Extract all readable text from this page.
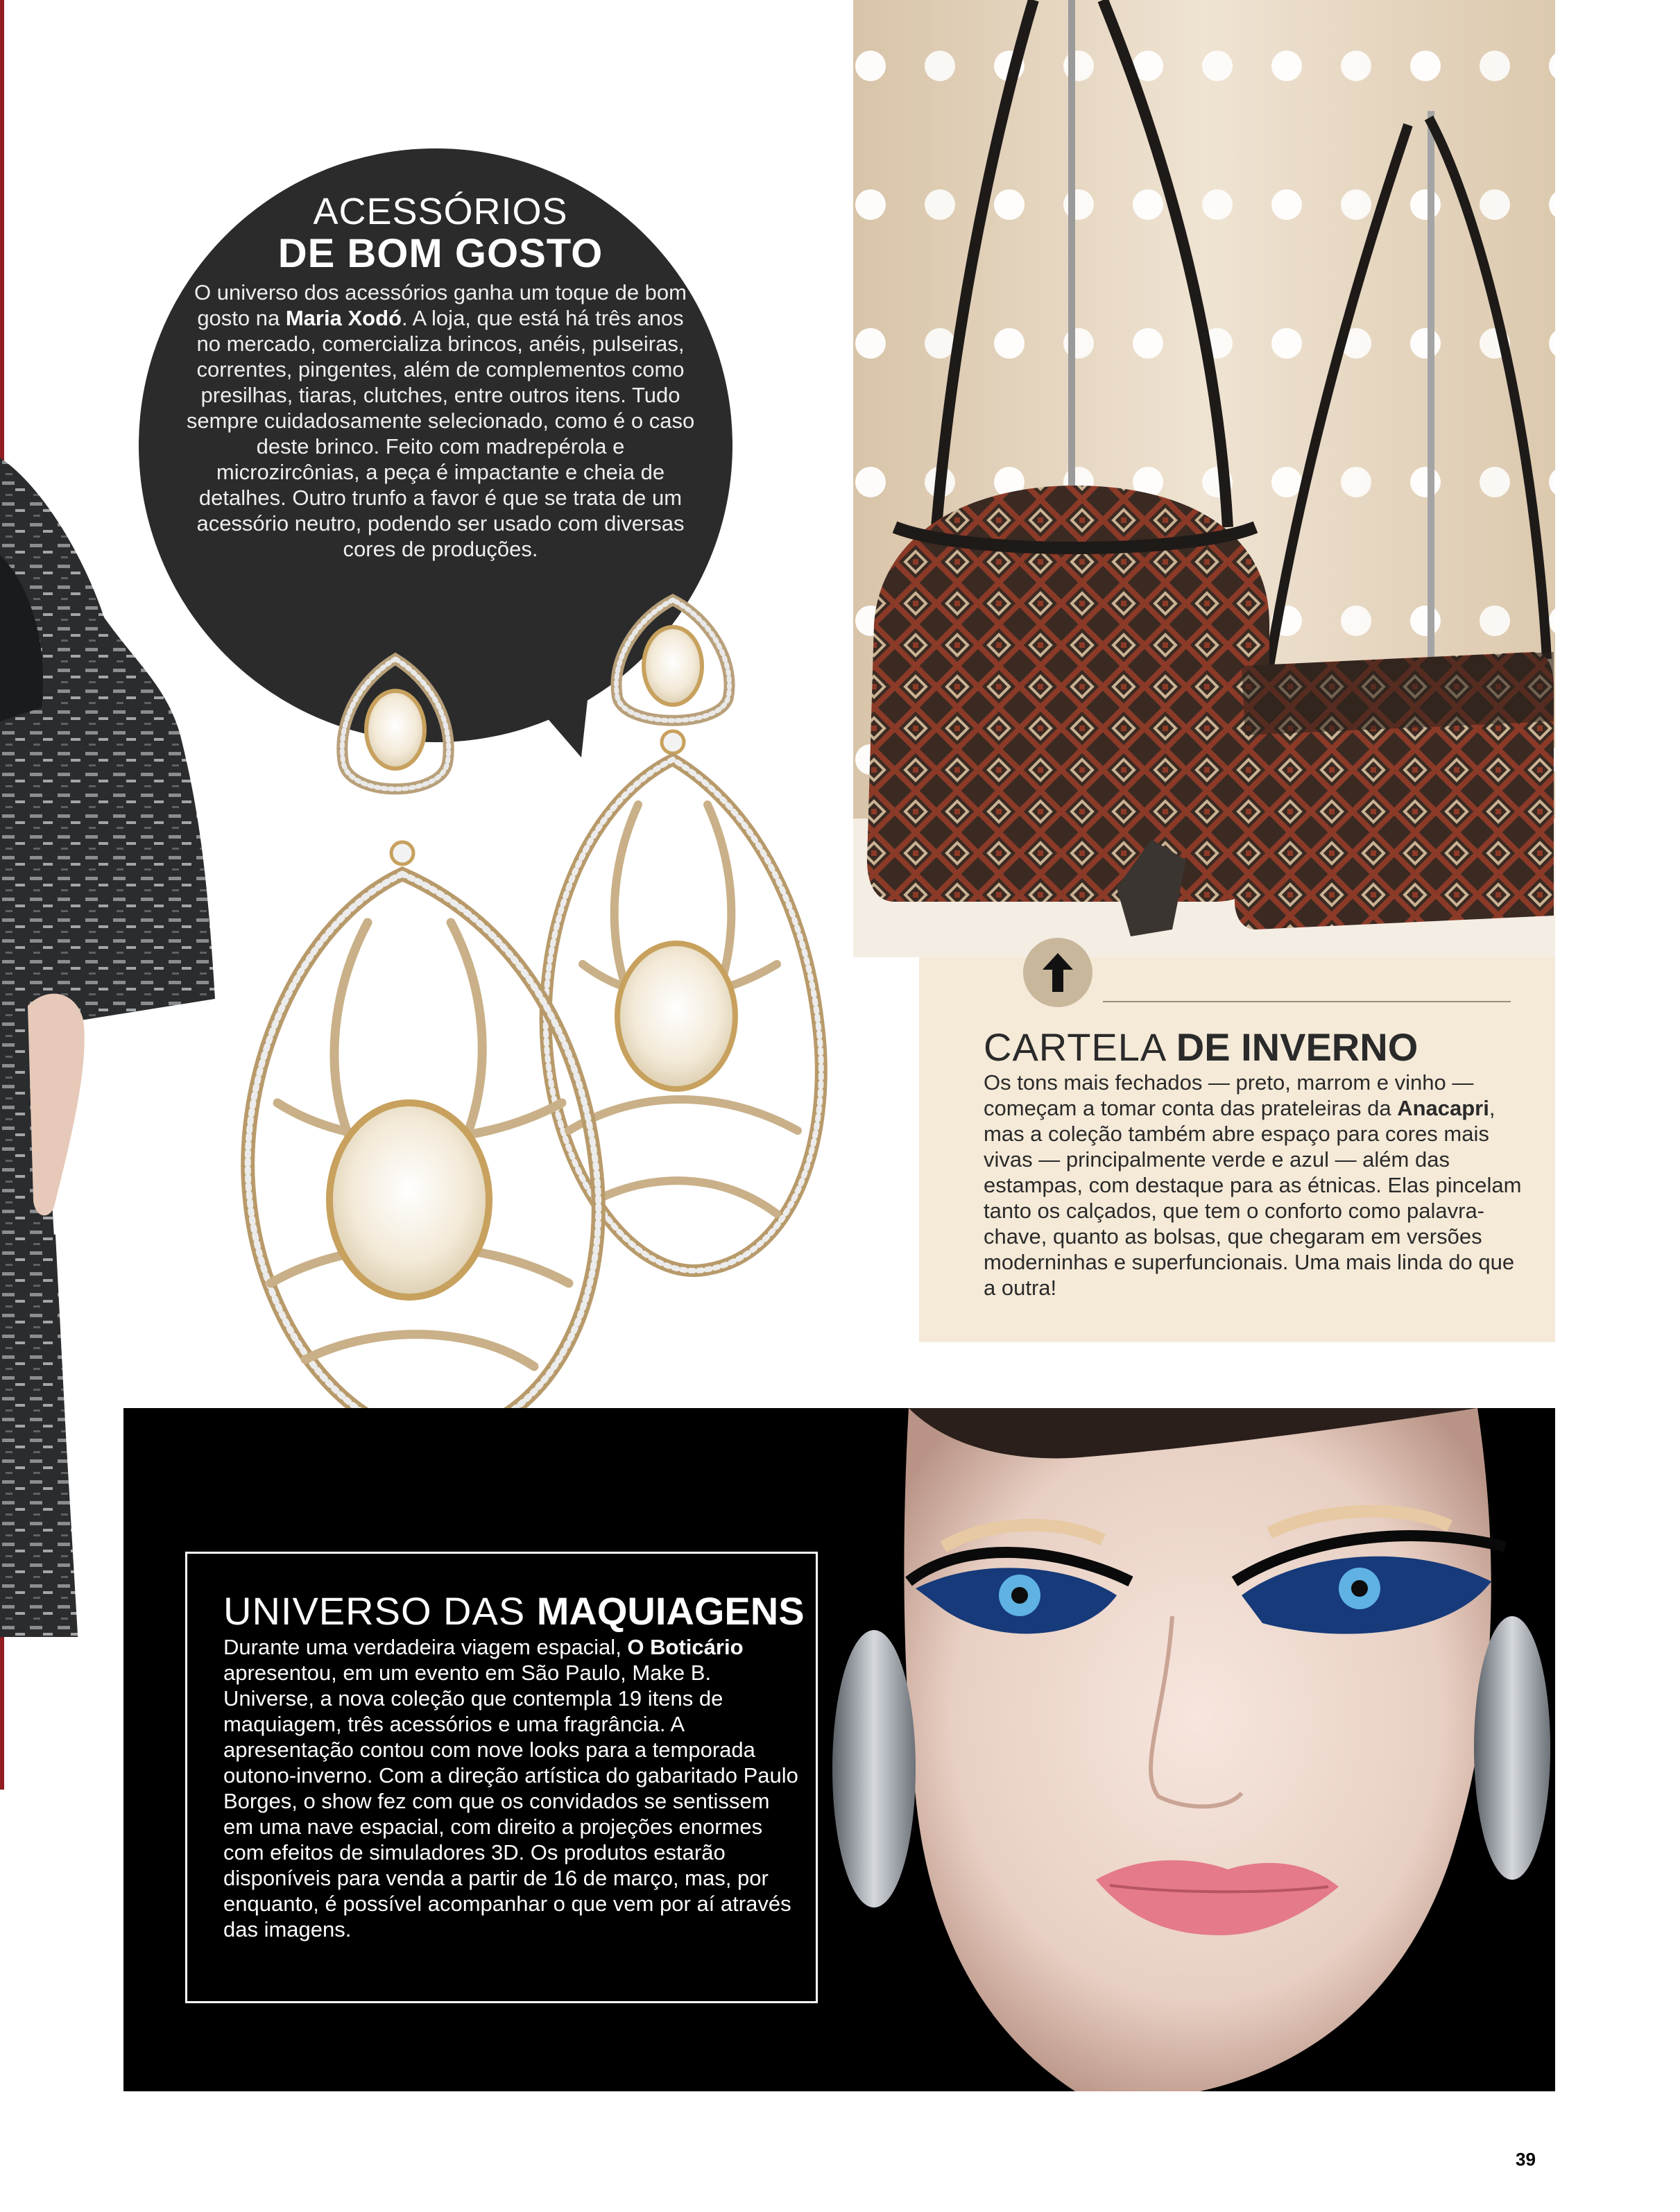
ACESSÓRIOS
DE BOM GOSTO
O universo dos acessórios ganha um toque de bom gosto na Maria Xodó. A loja, que está há três anos no mercado, comercializa brincos, anéis, pulseiras, correntes, pingentes, além de complementos como presilhas, tiaras, clutches, entre outros itens. Tudo sempre cuidadosamente selecionado, como é o caso deste brinco. Feito com madrepérola e microzircônias, a peça é impactante e cheia de detalhes. Outro trunfo a favor é que se trata de um acessório neutro, podendo ser usado com diversas cores de produções.
CARTELA DE INVERNO
Os tons mais fechados — preto, marrom e vinho — começam a tomar conta das prateleiras da Anacapri, mas a coleção também abre espaço para cores mais vivas — principalmente verde e azul — além das estampas, com destaque para as étnicas. Elas pincelam tanto os calçados, que tem o conforto como palavra-chave, quanto as bolsas, que chegaram em versões moderninhas e superfuncionais. Uma mais linda do que a outra!
UNIVERSO DAS MAQUIAGENS
Durante uma verdadeira viagem espacial, O Boticário apresentou, em um evento em São Paulo, Make B. Universe, a nova coleção que contempla 19 itens de maquiagem, três acessórios e uma fragrância. A apresentação contou com nove looks para a temporada outono-inverno. Com a direção artística do gabaritado Paulo Borges, o show fez com que os convidados se sentissem em uma nave espacial, com direito a projeções enormes com efeitos de simuladores 3D. Os produtos estarão disponíveis para venda a partir de 16 de março, mas, por enquanto, é possível acompanhar o que vem por aí através das imagens.
39
